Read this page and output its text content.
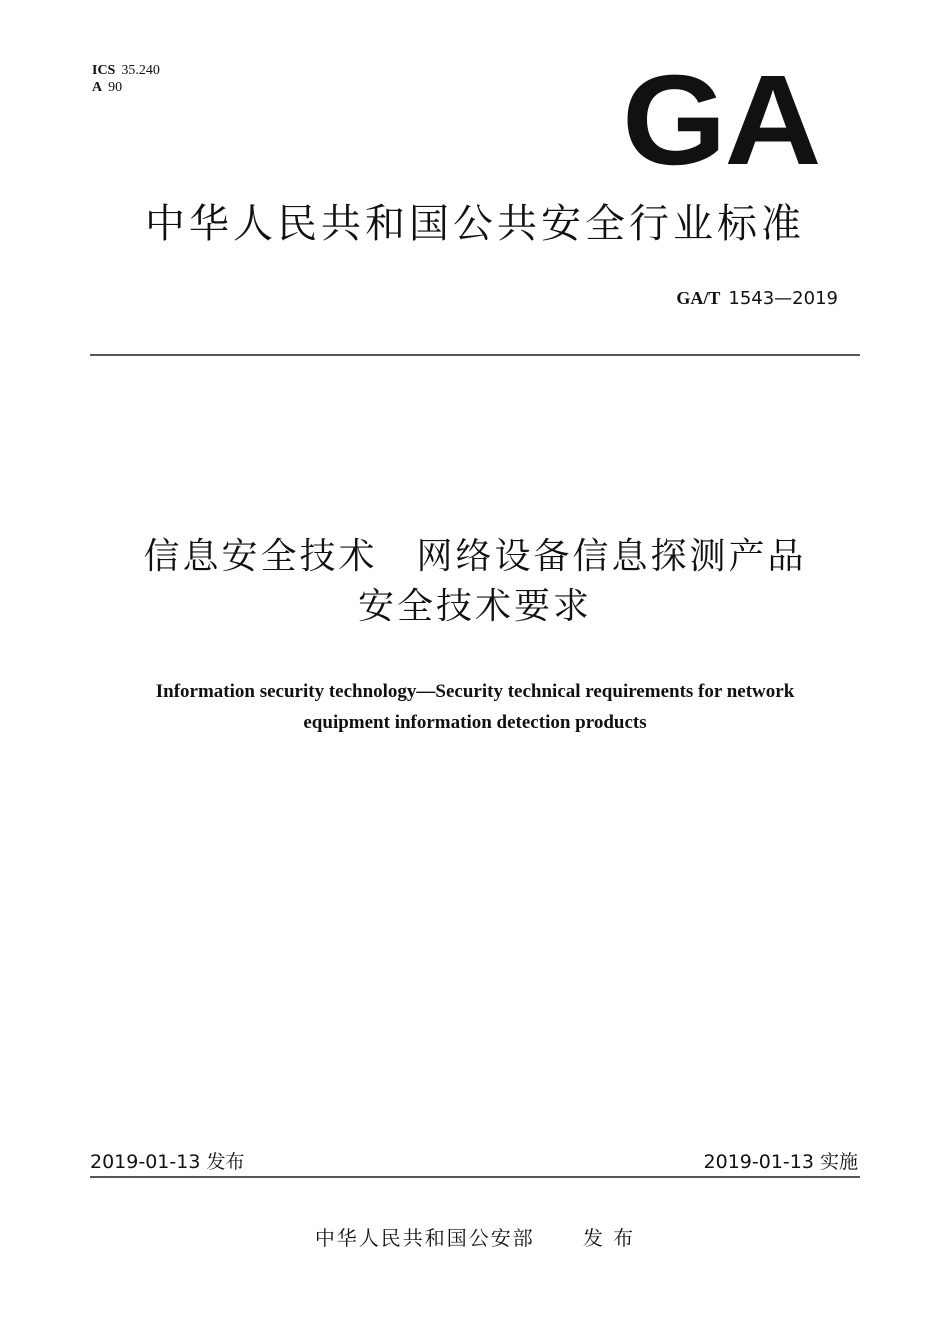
ICS 35.240
A 90	GA
中华人民共和国公共安全行业标准
GA/T 1543—2019
信息安全技术　网络设备信息探测产品
安全技术要求
Information security technology—Security technical requirements for network
equipment information detection products
2019-01-13 发布	2019-01-13 实施
中华人民共和国公安部 发 布
